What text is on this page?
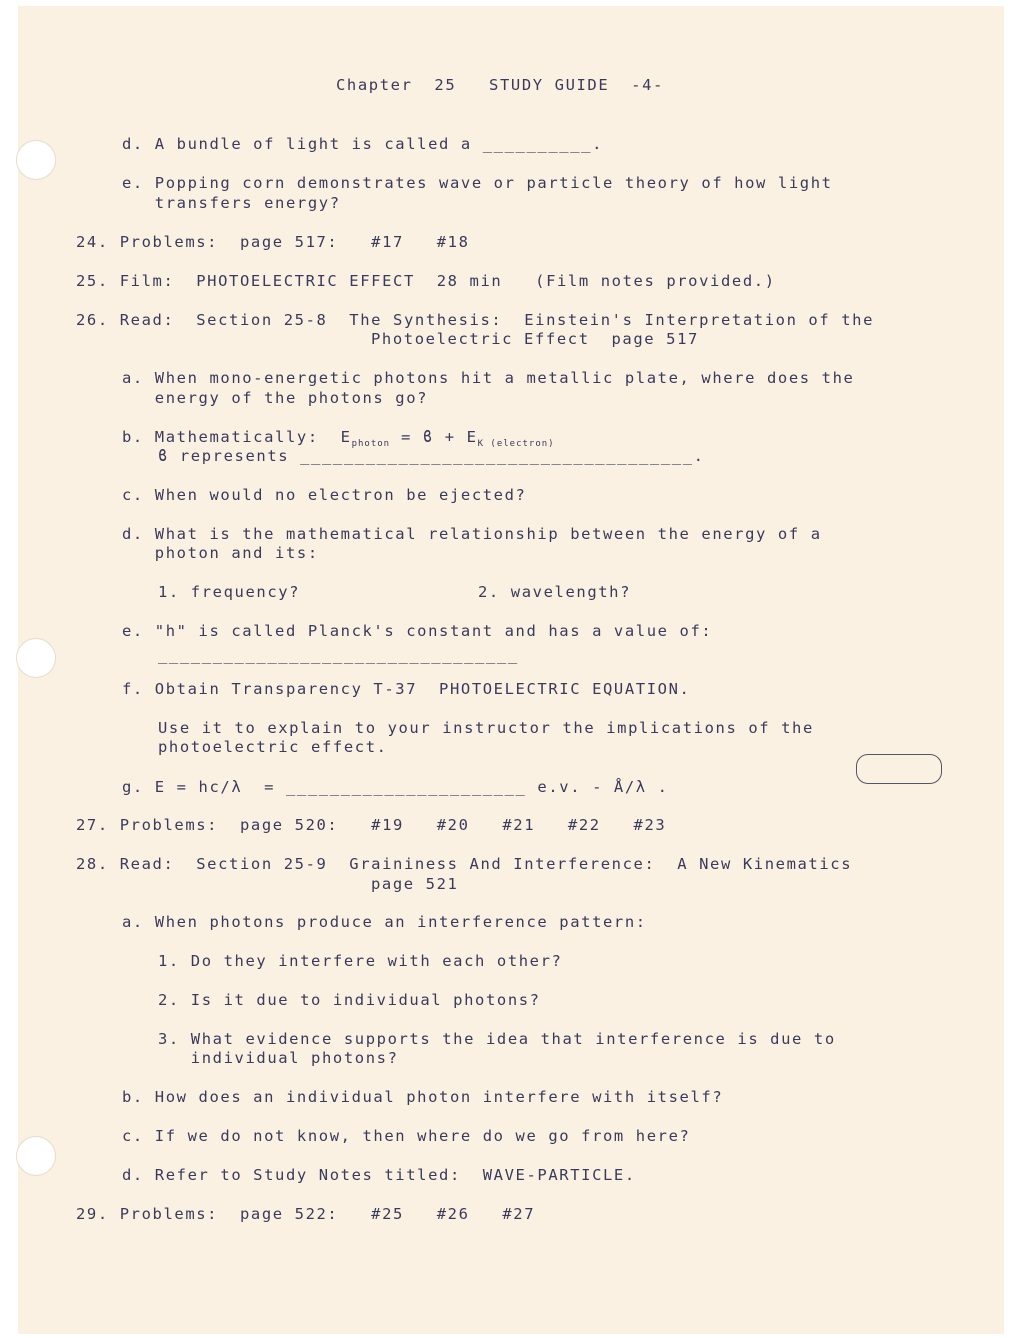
Chapter  25   STUDY GUIDE  -4-
d. A bundle of light is called a __________.
e. Popping corn demonstrates wave or particle theory of how light
transfers energy?
24. Problems:  page 517:   #17   #18
25. Film:  PHOTOELECTRIC EFFECT  28 min   (Film notes provided.)
26. Read:  Section 25-8  The Synthesis:  Einstein's Interpretation of the
Photoelectric Effect  page 517
a. When mono-energetic photons hit a metallic plate, where does the
energy of the photons go?
b. Mathematically:  $E_{photon} = ϐ + E_K$ $_{(electron)}$
ϐ represents ____________________________________.
c. When would no electron be ejected?
d. What is the mathematical relationship between the energy of a
photon and its:
1. frequency?	2. wavelength?
e. "h" is called Planck's constant and has a value of:
_________________________________
f. Obtain Transparency T-37  PHOTOELECTRIC EQUATION.
Use it to explain to your instructor the implications of the
photoelectric effect.
g. E = hc/λ  = ______________________ e.v. - Å/λ .
27. Problems:  page 520:   #19   #20   #21   #22   #23
28. Read:  Section 25-9  Graininess And Interference:  A New Kinematics
page 521
a. When photons produce an interference pattern:
1. Do they interfere with each other?
2. Is it due to individual photons?
3. What evidence supports the idea that interference is due to
individual photons?
b. How does an individual photon interfere with itself?
c. If we do not know, then where do we go from here?
d. Refer to Study Notes titled:  WAVE-PARTICLE.
29. Problems:  page 522:   #25   #26   #27
